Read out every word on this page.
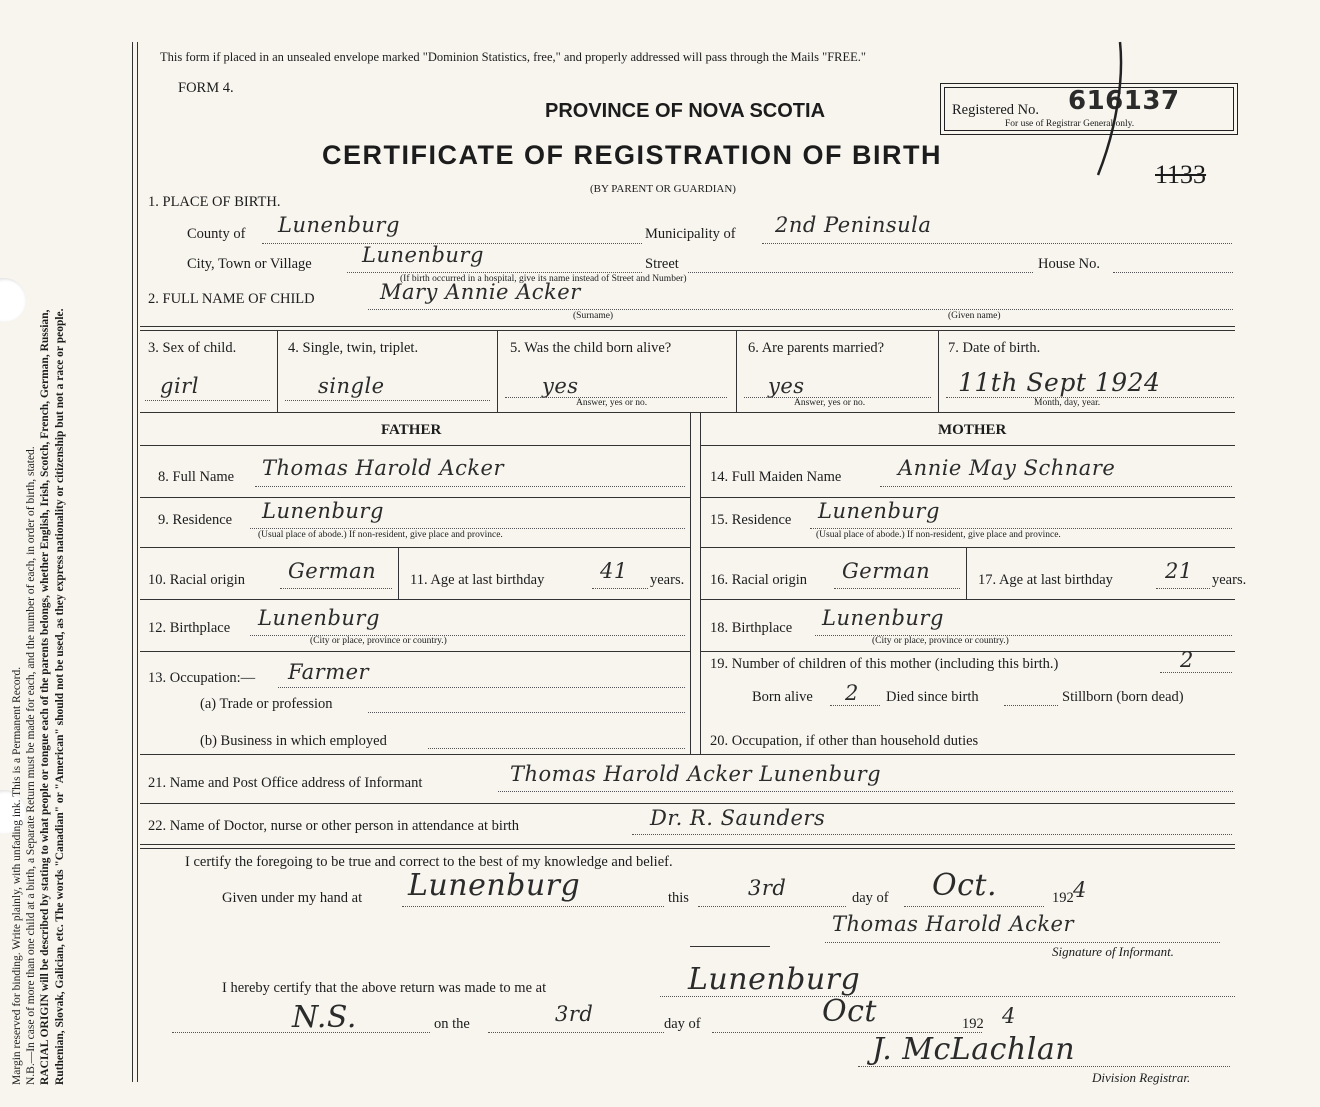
Margin reserved for binding. Write plainly, with unfading ink. This is a Permanent Record. N.B.—In case of more than one child at a birth, a Separate Return must be made for each, and the number of each, in order of birth, stated. RACIAL ORIGIN will be described by stating to what people or tongue each of the parents belongs, whether English, Irish, Scotch, French, German, Russian, Ruthenian, Slovak, Galician, etc. The words "Canadian" or "American" should not be used, as they express nationality or citizenship but not a race or people.

This form if placed in an unsealed envelope marked "Dominion Statistics, free," and properly addressed will pass through the Mails "FREE."
FORM 4.
PROVINCE OF NOVA SCOTIA
CERTIFICATE OF REGISTRATION OF BIRTH
(BY PARENT OR GUARDIAN)
Registered No. 616137
For use of Registrar General only.
1133
1. PLACE OF BIRTH.
County of Lunenburg	Municipality of 2nd Peninsula
City, Town or Village Lunenburg	Street	House No.
(If birth occurred in a hospital, give its name instead of Street and Number)
2. FULL NAME OF CHILD	Mary Annie Acker
(Surname)	(Given name)
3. Sex of child.
girl
4. Single, twin, triplet.
single
5. Was the child born alive?
yes
Answer, yes or no.
6. Are parents married?
yes
Answer, yes or no.
7. Date of birth.
11th Sept 1924
Month, day, year.
FATHER	MOTHER
8. Full Name Thomas Harold Acker
9. Residence Lunenburg
(Usual place of abode.) If non-resident, give place and province.
10. Racial origin German 11. Age at last birthday	41 years.
12. Birthplace Lunenburg
(City or place, province or country.)
13. Occupation:— Farmer
(a) Trade or profession
(b) Business in which employed
14. Full Maiden Name	Annie May Schnare
15. Residence Lunenburg
(Usual place of abode.) If non-resident, give place and province.
16. Racial origin German	17. Age at last birthday 21 years.
18. Birthplace Lunenburg
(City or place, province or country.)
19. Number of children of this mother (including this birth.)	2
Born alive 2 Died since birth	Stillborn (born dead)
20. Occupation, if other than household duties
21. Name and Post Office address of Informant	Thomas Harold Acker Lunenburg
22. Name of Doctor, nurse or other person in attendance at birth	Dr. R. Saunders
I certify the foregoing to be true and correct to the best of my knowledge and belief.
Given under my hand at Lunenburg	this	3rd	day of Oct.	192 4
Thomas Harold Acker
Signature of Informant.
I hereby certify that the above return was made to me at	Lunenburg
N.S.	on the	3rd	day of	Oct	192 4
J. McLachlan
Division Registrar.
